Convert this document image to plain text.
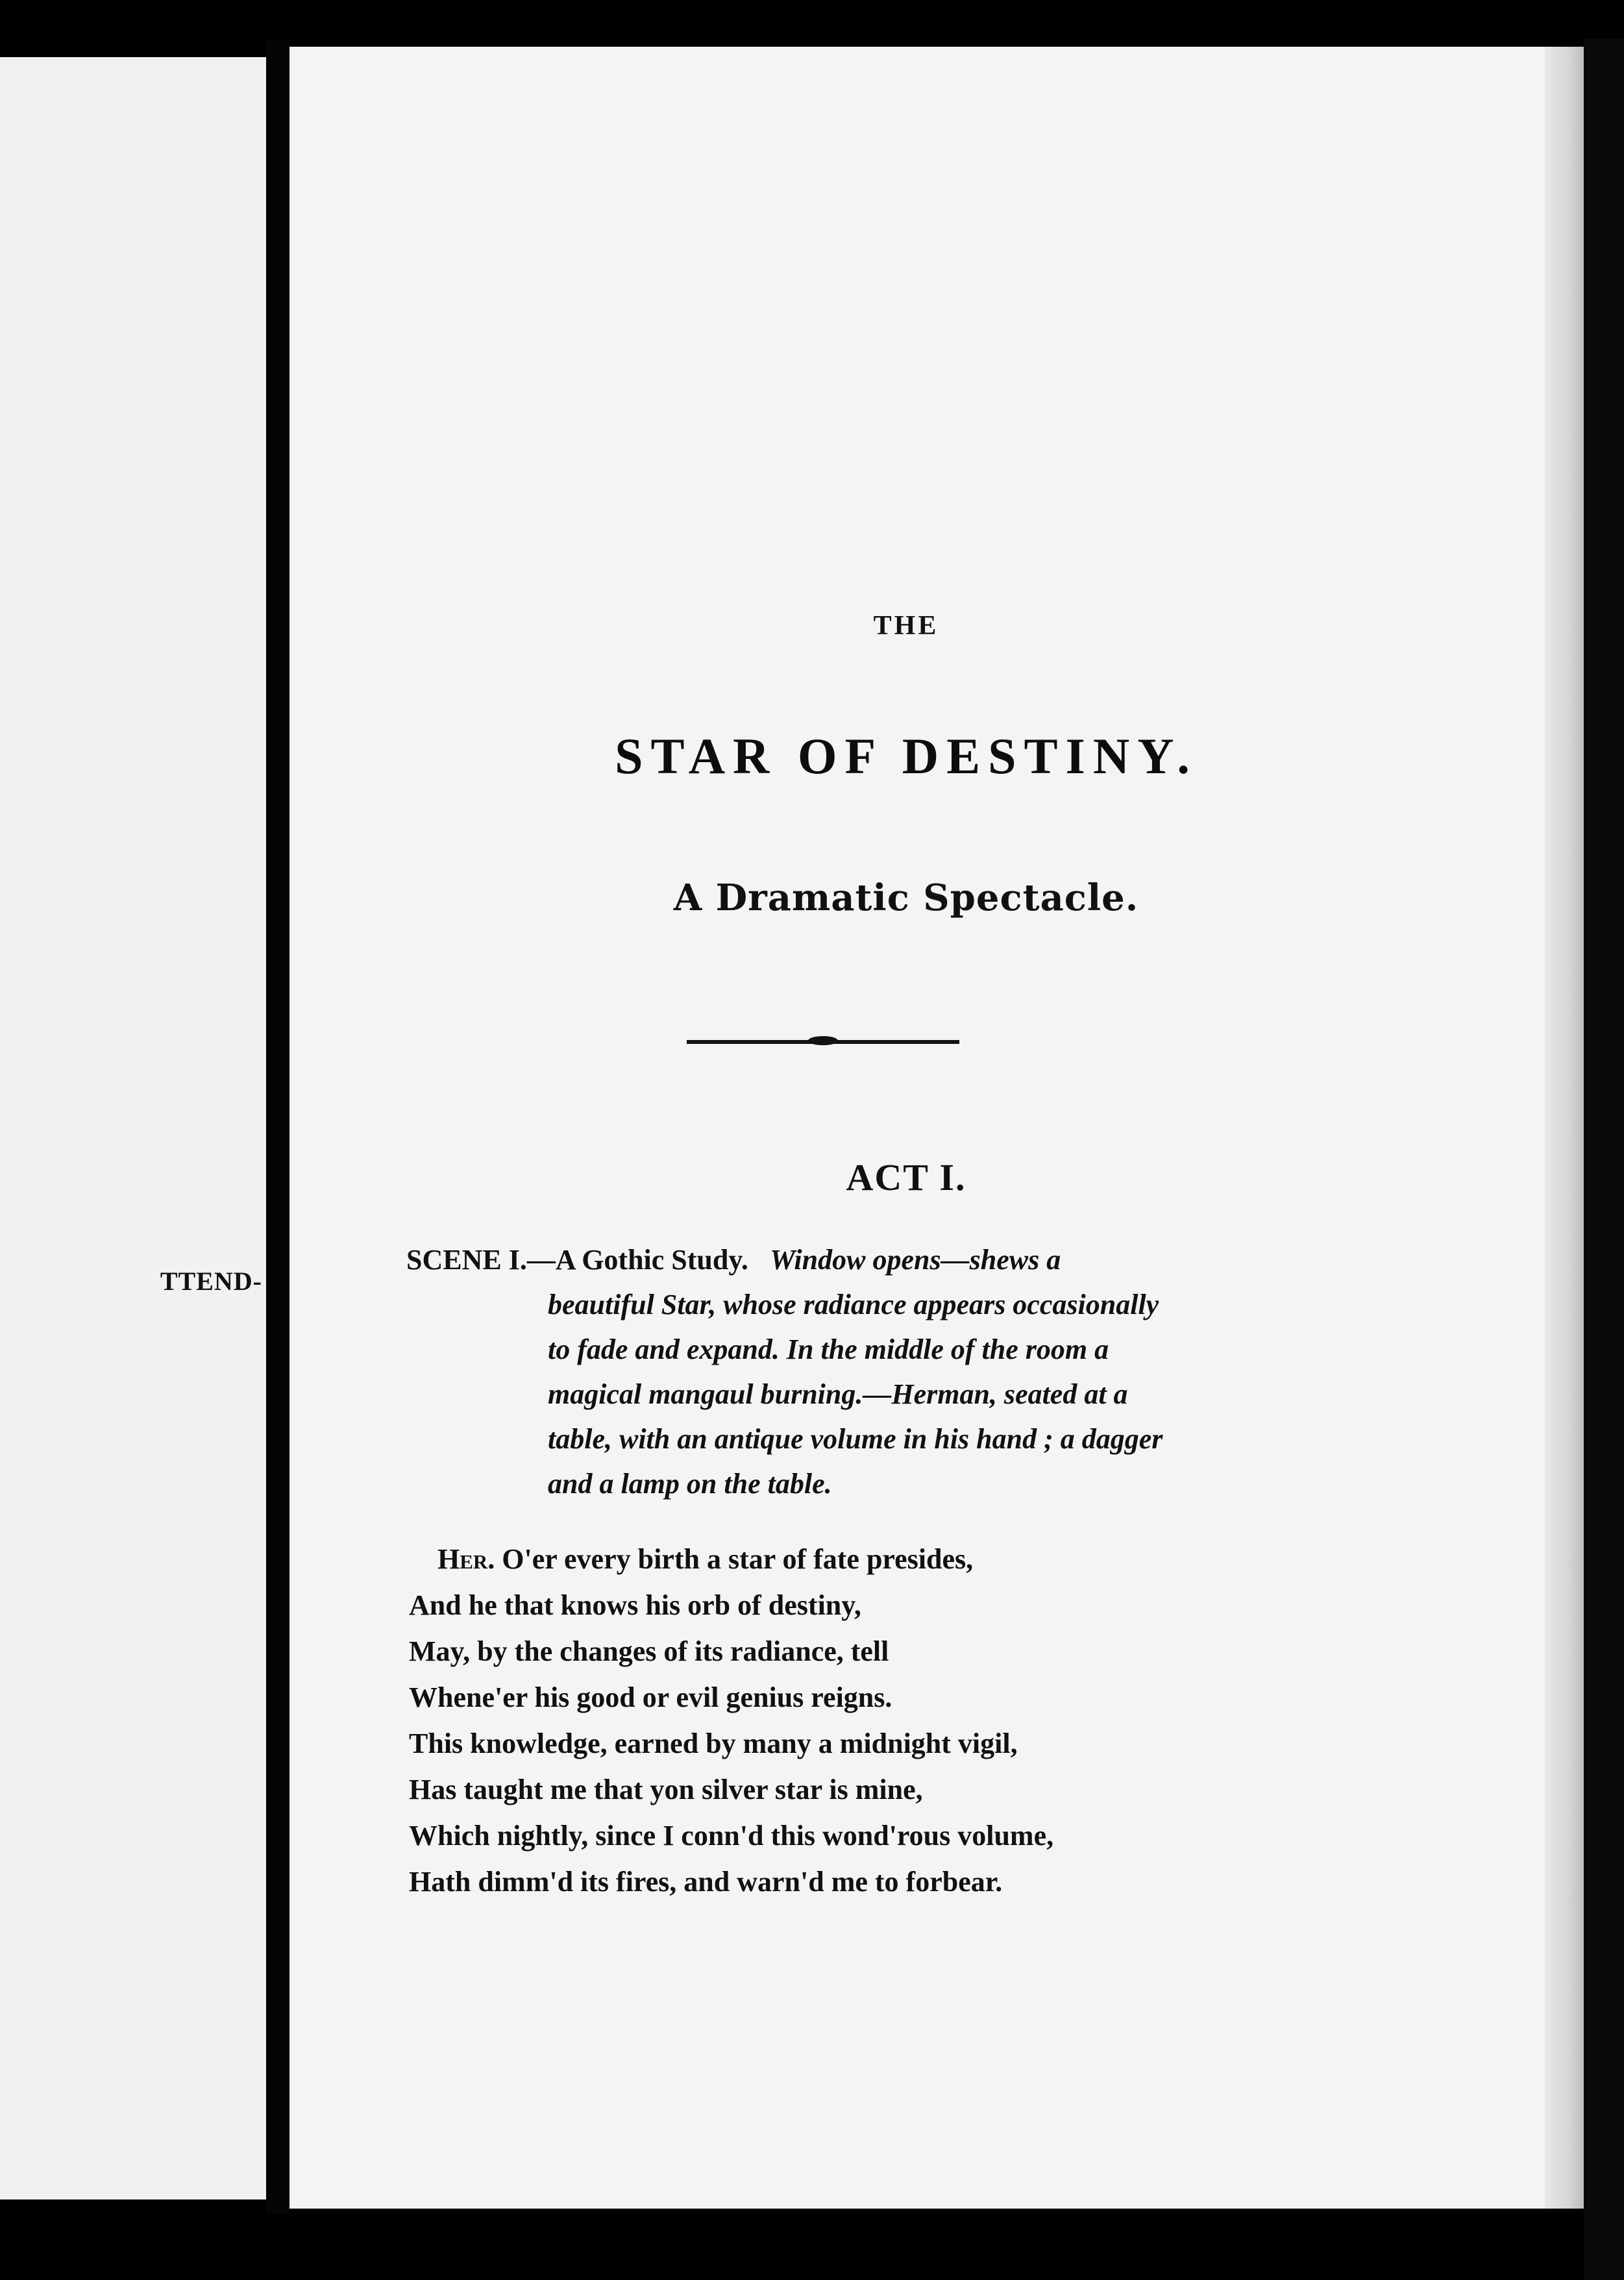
TTEND-
THE
STAR OF DESTINY.
A Dramatic Spectacle.
ACT I.
SCENE I.—A Gothic Study. Window opens—shews a
beautiful Star, whose radiance appears occasionally
to fade and expand. In the middle of the room a
magical mangaul burning.—Herman, seated at a
table, with an antique volume in his hand ; a dagger
and a lamp on the table.
Her. O'er every birth a star of fate presides,
And he that knows his orb of destiny,
May, by the changes of its radiance, tell
Whene'er his good or evil genius reigns.
This knowledge, earned by many a midnight vigil,
Has taught me that yon silver star is mine,
Which nightly, since I conn'd this wond'rous volume,
Hath dimm'd its fires, and warn'd me to forbear.
